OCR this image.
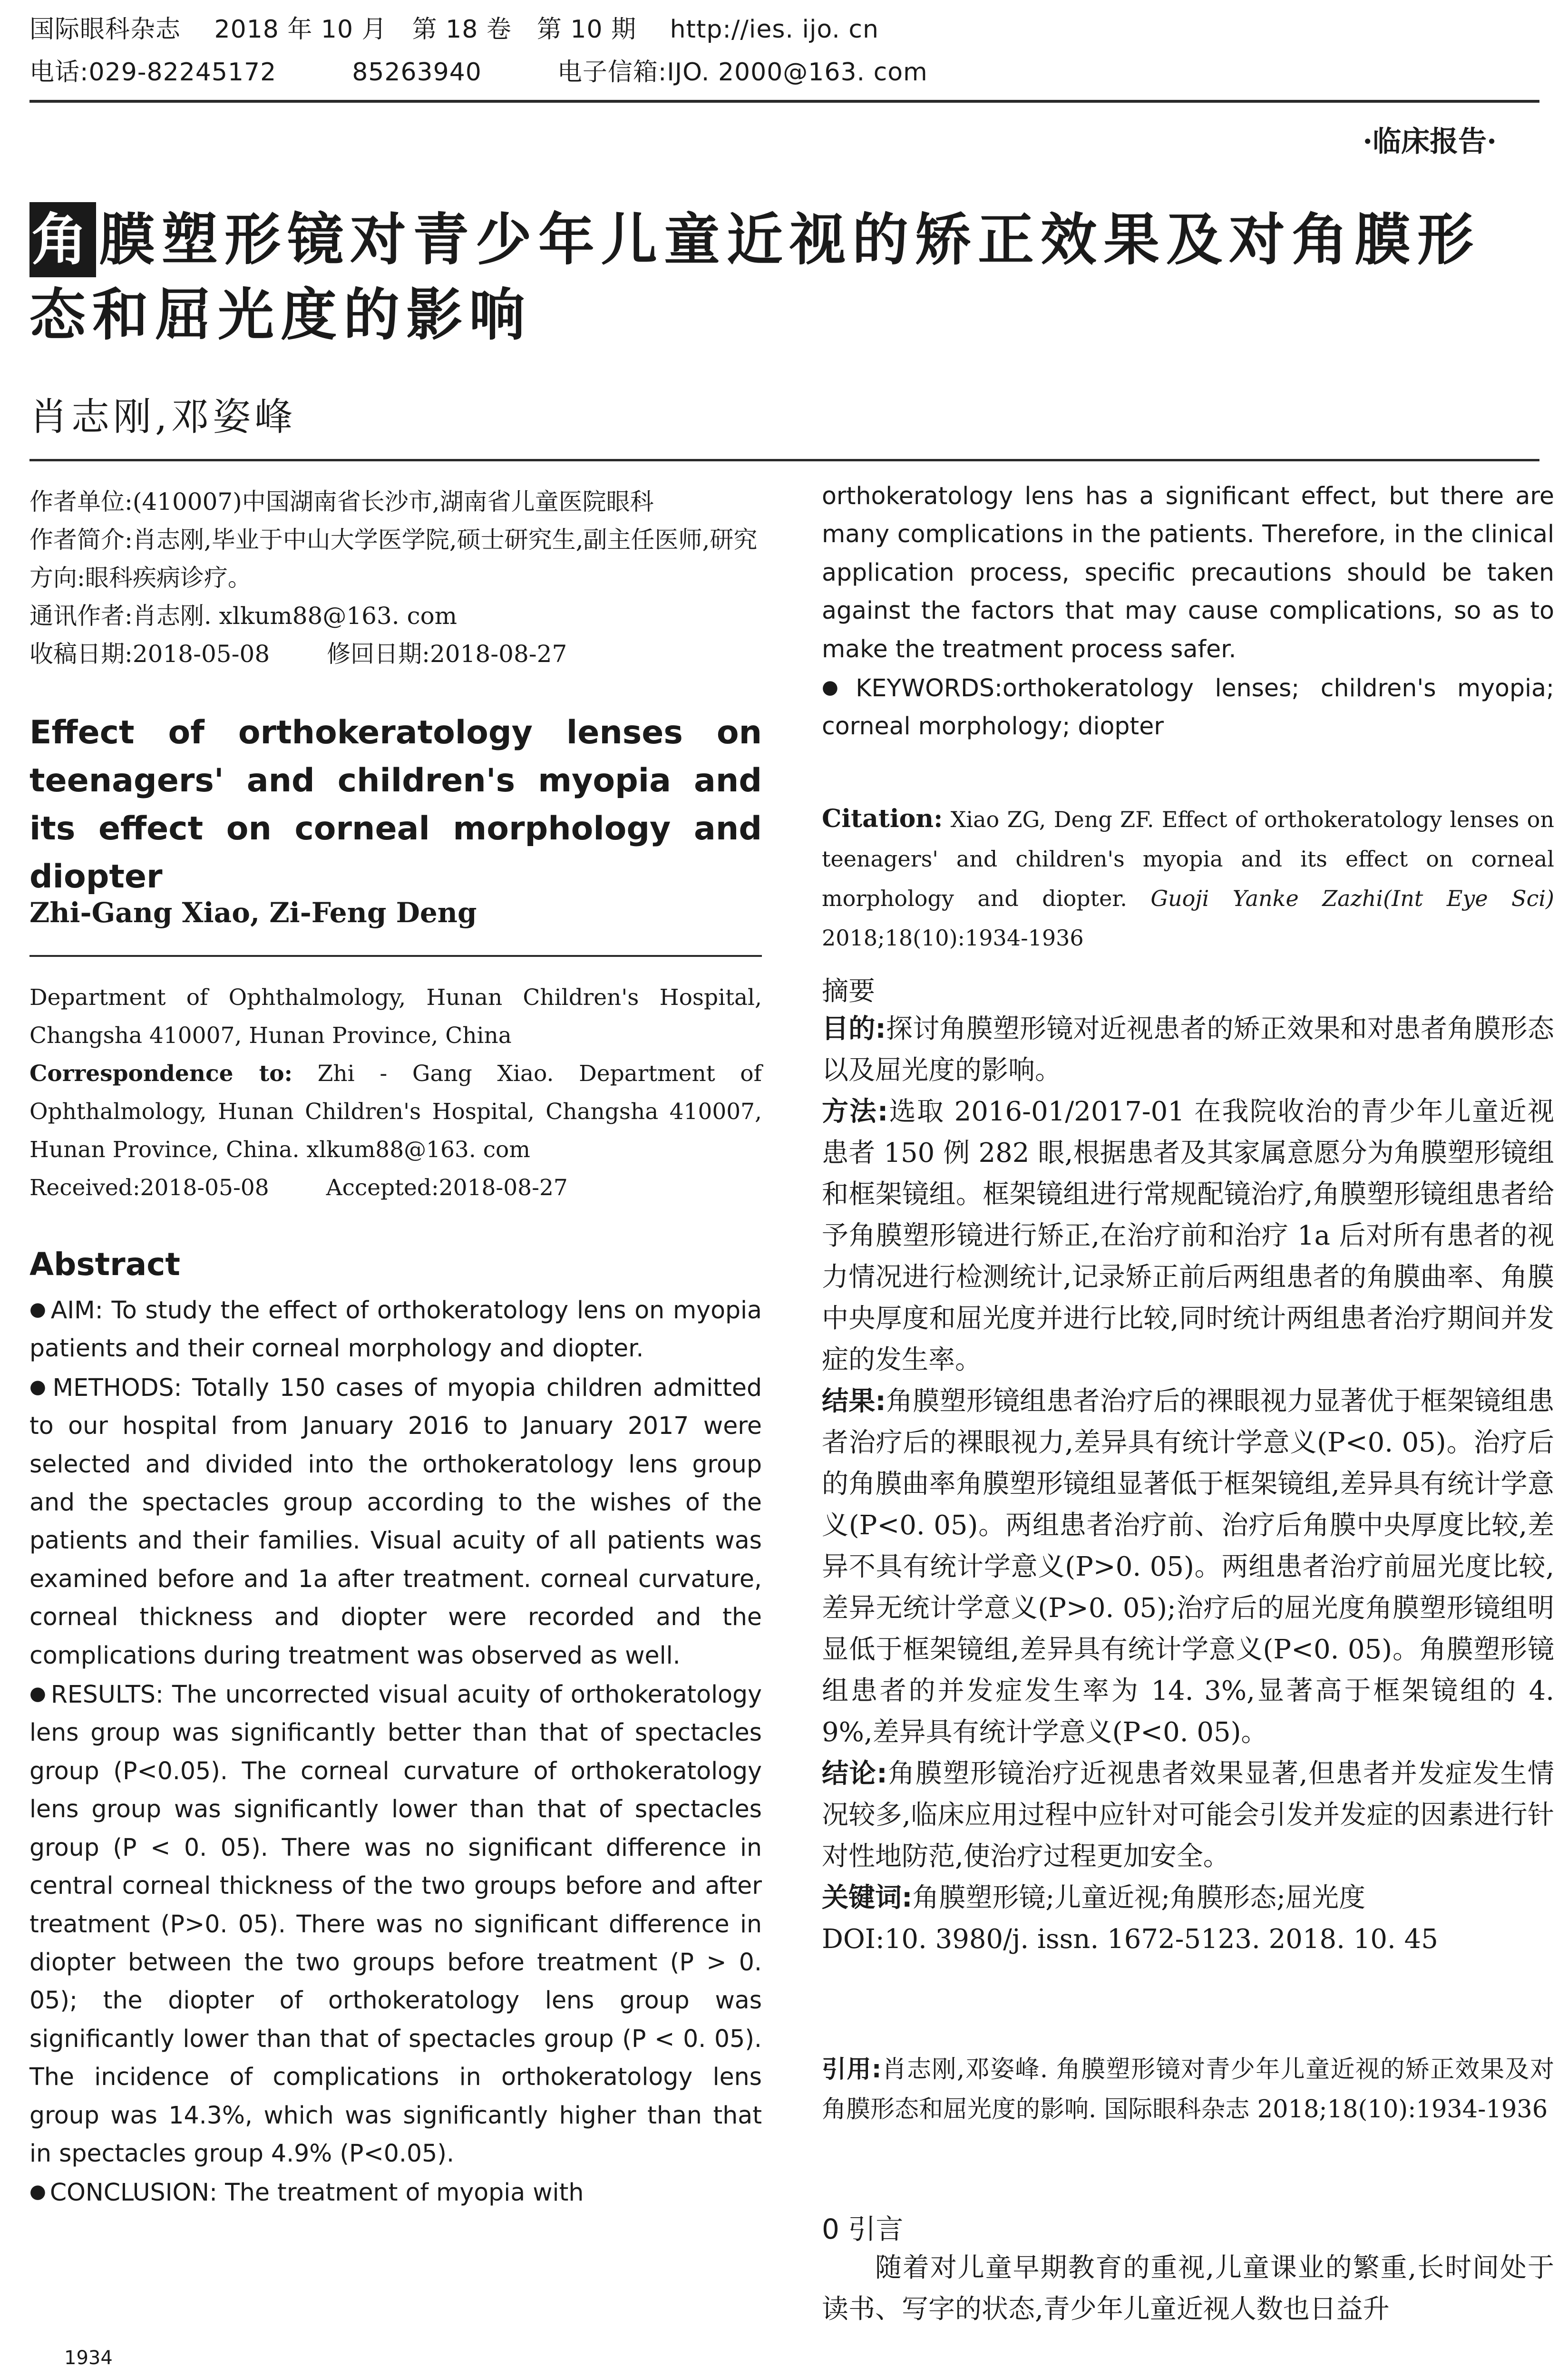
国际眼科杂志　 2018 年 10 月　第 18 卷　第 10 期　 http://ies. ijo. cn
电话:029-82245172　　　85263940　　　电子信箱:IJO. 2000@163. com
·临床报告·
角膜塑形镜对青少年儿童近视的矫正效果及对角膜形态和屈光度的影响
肖志刚,邓姿峰

作者单位:(410007)中国湖南省长沙市,湖南省儿童医院眼科

作者简介:肖志刚,毕业于中山大学医学院,硕士研究生,副主任医师,研究方向:眼科疾病诊疗。

通讯作者:肖志刚. xlkum88@163. com

收稿日期:2018-05-08 修回日期:2018-08-27

Effect of orthokeratology lenses on teenagers' and children's myopia and its effect on corneal morphology and diopter
Zhi-Gang Xiao, Zi-Feng Deng

Department of Ophthalmology, Hunan Children's Hospital, Changsha 410007, Hunan Province, China

Correspondence to: Zhi - Gang Xiao. Department of Ophthalmology, Hunan Children's Hospital, Changsha 410007, Hunan Province, China. xlkum88@163. com

Received:2018-05-08	Accepted:2018-08-27

Abstract

● AIM: To study the effect of orthokeratology lens on myopia patients and their corneal morphology and diopter.

● METHODS: Totally 150 cases of myopia children admitted to our hospital from January 2016 to January 2017 were selected and divided into the orthokeratology lens group and the spectacles group according to the wishes of the patients and their families. Visual acuity of all patients was examined before and 1a after treatment. corneal curvature, corneal thickness and diopter were recorded and the complications during treatment was observed as well.

● RESULTS: The uncorrected visual acuity of orthokeratology lens group was significantly better than that of spectacles group (P<0.05). The corneal curvature of orthokeratology lens group was significantly lower than that of spectacles group (P < 0. 05). There was no significant difference in central corneal thickness of the two groups before and after treatment (P>0. 05). There was no significant difference in diopter between the two groups before treatment (P > 0. 05); the diopter of orthokeratology lens group was significantly lower than that of spectacles group (P < 0. 05). The incidence of complications in orthokeratology lens group was 14.3%, which was significantly higher than that in spectacles group 4.9% (P<0.05).

● CONCLUSION: The treatment of myopia with

1934

orthokeratology lens has a significant effect, but there are many complications in the patients. Therefore, in the clinical application process, specific precautions should be taken against the factors that may cause complications, so as to make the treatment process safer.

● KEYWORDS:orthokeratology lenses; children's myopia; corneal morphology; diopter

Citation: Xiao ZG, Deng ZF. Effect of orthokeratology lenses on teenagers' and children's myopia and its effect on corneal morphology and diopter. Guoji Yanke Zazhi(Int Eye Sci) 2018;18(10):1934-1936
摘要

目的:探讨角膜塑形镜对近视患者的矫正效果和对患者角膜形态以及屈光度的影响。

方法:选取 2016-01/2017-01 在我院收治的青少年儿童近视患者 150 例 282 眼,根据患者及其家属意愿分为角膜塑形镜组和框架镜组。框架镜组进行常规配镜治疗,角膜塑形镜组患者给予角膜塑形镜进行矫正,在治疗前和治疗 1a 后对所有患者的视力情况进行检测统计,记录矫正前后两组患者的角膜曲率、角膜中央厚度和屈光度并进行比较,同时统计两组患者治疗期间并发症的发生率。

结果:角膜塑形镜组患者治疗后的裸眼视力显著优于框架镜组患者治疗后的裸眼视力,差异具有统计学意义(P<0. 05)。治疗后的角膜曲率角膜塑形镜组显著低于框架镜组,差异具有统计学意义(P<0. 05)。两组患者治疗前、治疗后角膜中央厚度比较,差异不具有统计学意义(P>0. 05)。两组患者治疗前屈光度比较,差异无统计学意义(P>0. 05);治疗后的屈光度角膜塑形镜组明显低于框架镜组,差异具有统计学意义(P<0. 05)。角膜塑形镜组患者的并发症发生率为 14. 3%,显著高于框架镜组的 4. 9%,差异具有统计学意义(P<0. 05)。

结论:角膜塑形镜治疗近视患者效果显著,但患者并发症发生情况较多,临床应用过程中应针对可能会引发并发症的因素进行针对性地防范,使治疗过程更加安全。

关键词:角膜塑形镜;儿童近视;角膜形态;屈光度

DOI:10. 3980/j. issn. 1672-5123. 2018. 10. 45

引用:肖志刚,邓姿峰. 角膜塑形镜对青少年儿童近视的矫正效果及对角膜形态和屈光度的影响. 国际眼科杂志 2018;18(10):1934-1936
0 引言
随着对儿童早期教育的重视,儿童课业的繁重,长时间处于读书、写字的状态,青少年儿童近视人数也日益升
